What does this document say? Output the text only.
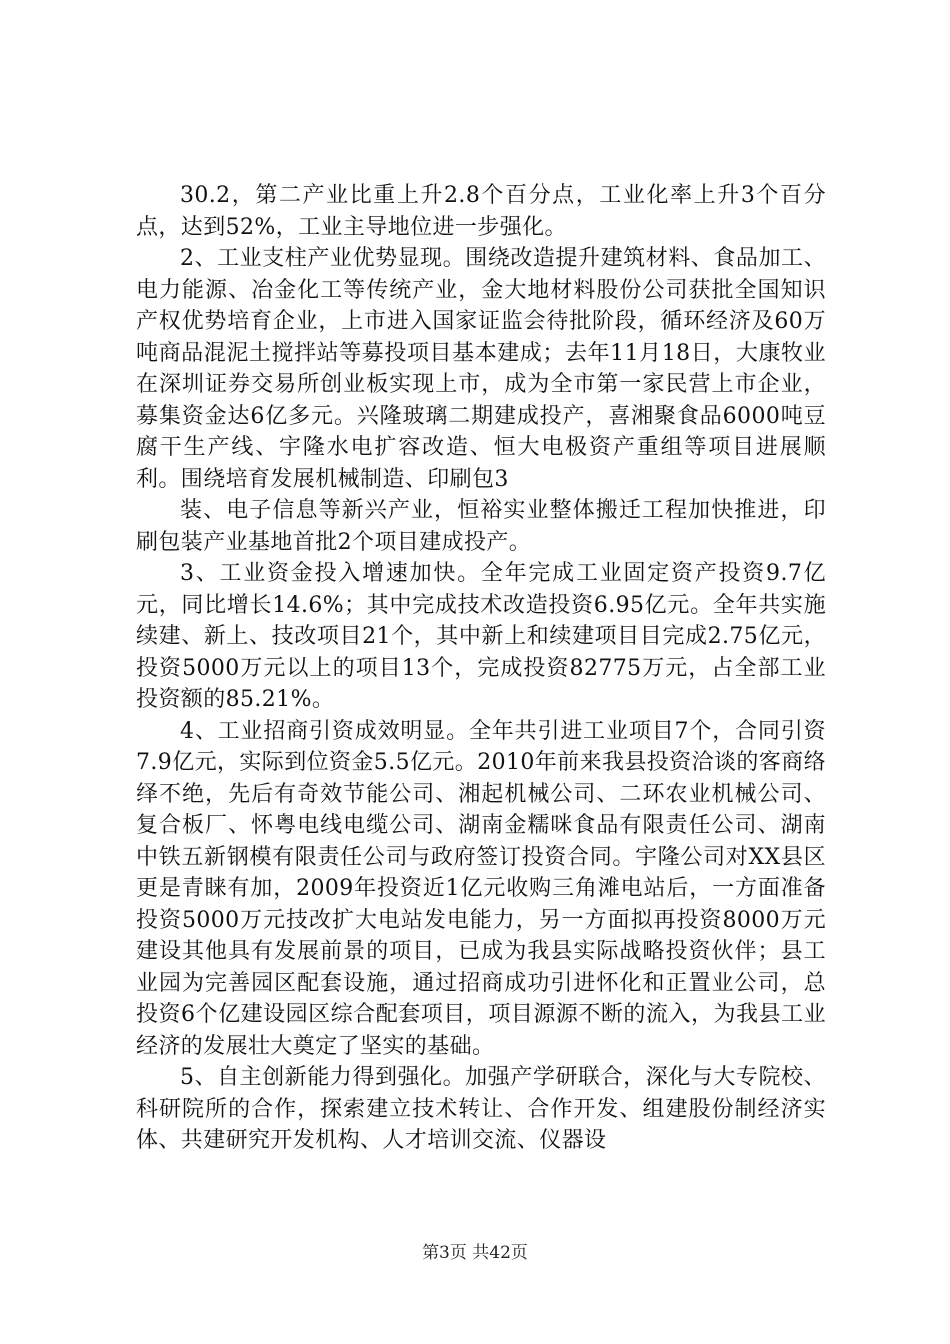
30.2，第二产业比重上升2.8个百分点，工业化率上升3个百分点，达到52%，工业主导地位进一步强化。

2、工业支柱产业优势显现。围绕改造提升建筑材料、食品加工、电力能源、冶金化工等传统产业，金大地材料股份公司获批全国知识产权优势培育企业，上市进入国家证监会待批阶段，循环经济及60万吨商品混泥土搅拌站等募投项目基本建成；去年11月18日，大康牧业在深圳证券交易所创业板实现上市，成为全市第一家民营上市企业，募集资金达6亿多元。兴隆玻璃二期建成投产，喜湘聚食品6000吨豆腐干生产线、宇隆水电扩容改造、恒大电极资产重组等项目进展顺利。围绕培育发展机械制造、印刷包3

装、电子信息等新兴产业，恒裕实业整体搬迁工程加快推进，印刷包装产业基地首批2个项目建成投产。

3、工业资金投入增速加快。全年完成工业固定资产投资9.7亿元，同比增长14.6%；其中完成技术改造投资6.95亿元。全年共实施续建、新上、技改项目21个，其中新上和续建项目目完成2.75亿元，投资5000万元以上的项目13个，完成投资82775万元，占全部工业投资额的85.21%。

4、工业招商引资成效明显。全年共引进工业项目7个，合同引资7.9亿元，实际到位资金5.5亿元。2010年前来我县投资洽谈的客商络绎不绝，先后有奇效节能公司、湘起机械公司、二环农业机械公司、复合板厂、怀粤电线电缆公司、湖南金糯咪食品有限责任公司、湖南中铁五新钢模有限责任公司与政府签订投资合同。宇隆公司对XX县区更是青睐有加，2009年投资近1亿元收购三角滩电站后，一方面准备投资5000万元技改扩大电站发电能力，另一方面拟再投资8000万元建设其他具有发展前景的项目，已成为我县实际战略投资伙伴；县工业园为完善园区配套设施，通过招商成功引进怀化和正置业公司，总投资6个亿建设园区综合配套项目，项目源源不断的流入，为我县工业经济的发展壮大奠定了坚实的基础。

5、自主创新能力得到强化。加强产学研联合，深化与大专院校、科研院所的合作，探索建立技术转让、合作开发、组建股份制经济实体、共建研究开发机构、人才培训交流、仪器设

第3页 共42页
